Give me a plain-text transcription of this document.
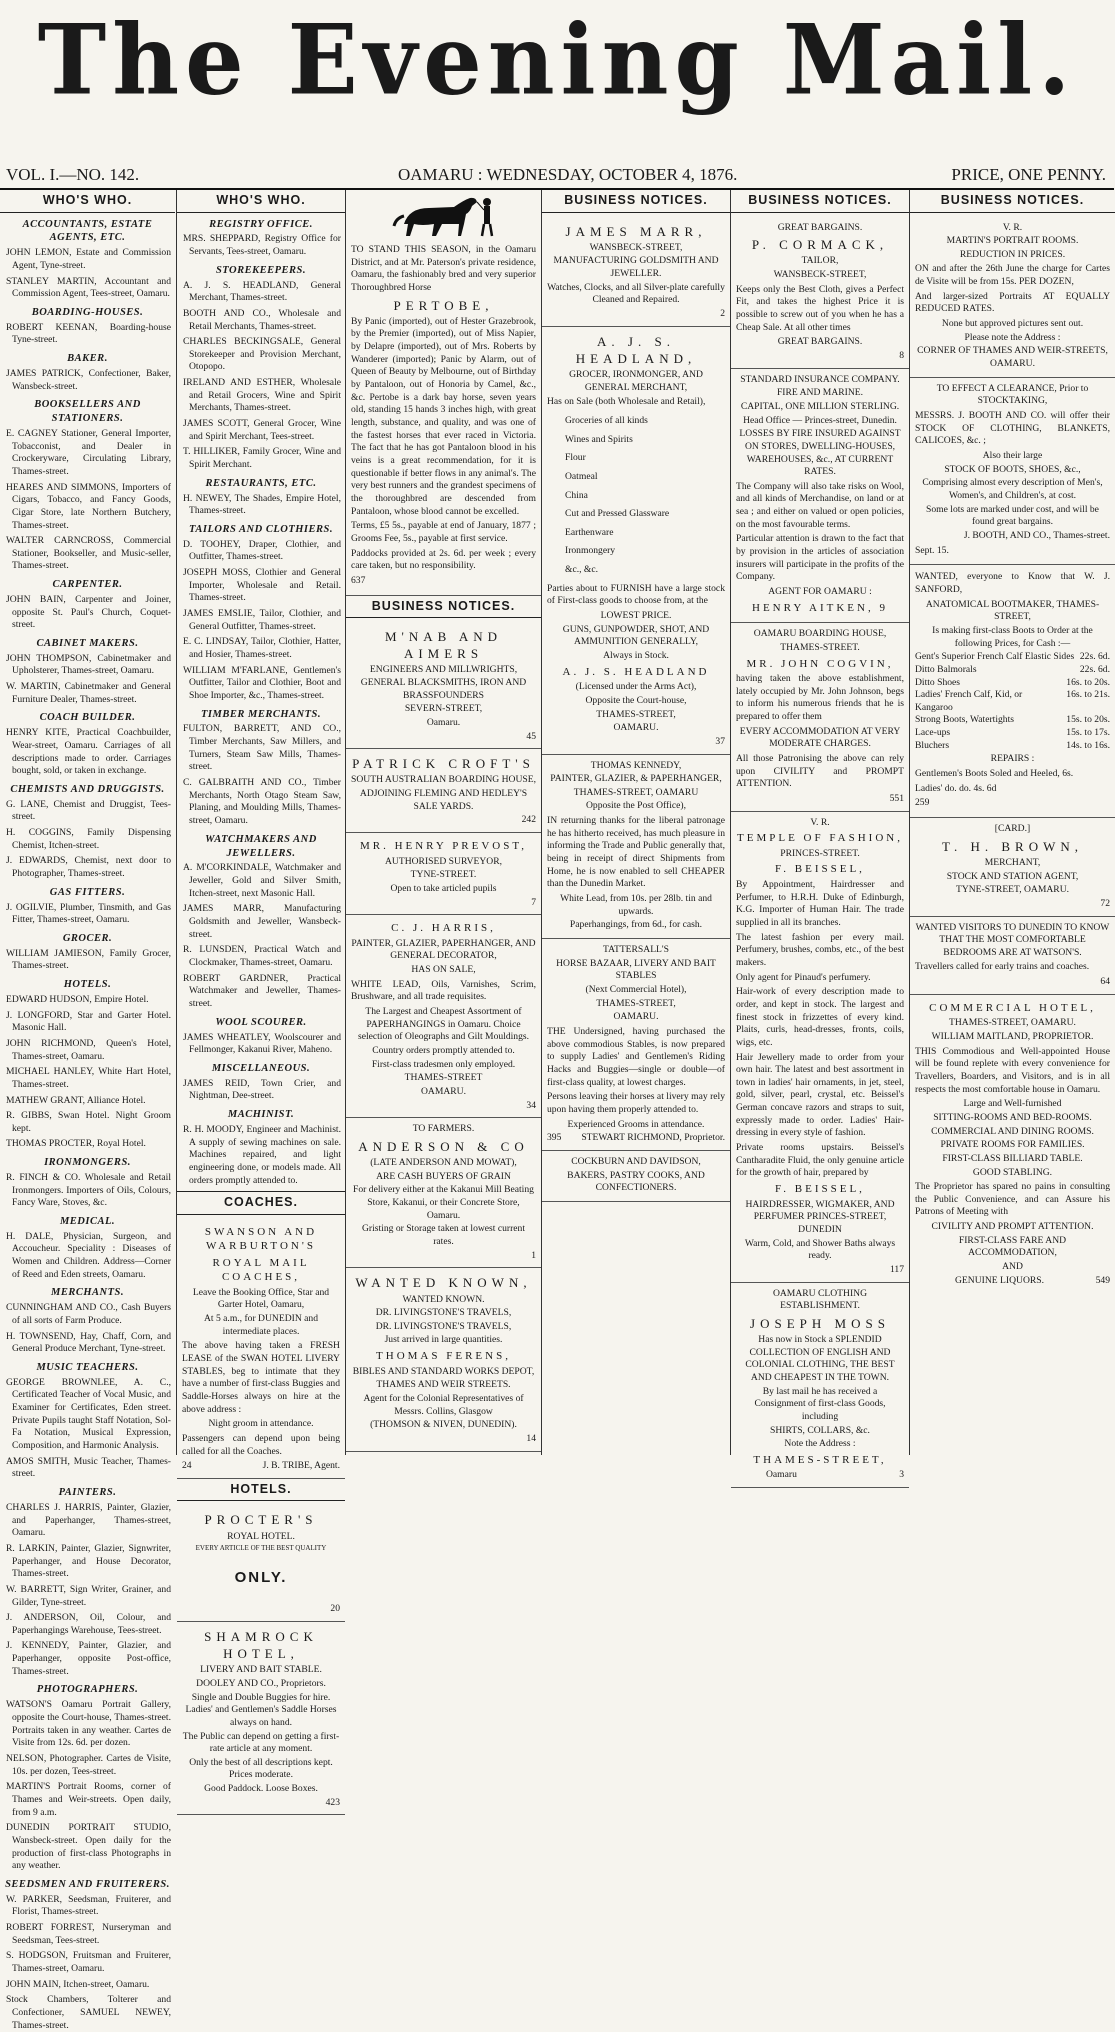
The Evening Mail.
VOL. I.—NO. 142.	OAMARU : WEDNESDAY, OCTOBER 4, 1876.	PRICE, ONE PENNY.
WHO'S WHO.
ACCOUNTANTS, ESTATE AGENTS, ETC.

JOHN LEMON, Estate and Commission Agent, Tyne-street.

STANLEY MARTIN, Accountant and Commission Agent, Tees-street, Oamaru.

BOARDING-HOUSES.

ROBERT KEENAN, Boarding-house Tyne-street.

BAKER.

JAMES PATRICK, Confectioner, Baker, Wansbeck-street.

BOOKSELLERS AND STATIONERS.

E. CAGNEY Stationer, General Importer, Tobacconist, and Dealer in Crockeryware, Circulating Library, Thames-street.

HEARES AND SIMMONS, Importers of Cigars, Tobacco, and Fancy Goods, Cigar Store, late Northern Butchery, Thames-street.

WALTER CARNCROSS, Commercial Stationer, Bookseller, and Music-seller, Thames-street.

CARPENTER.

JOHN BAIN, Carpenter and Joiner, opposite St. Paul's Church, Coquet-street.

CABINET MAKERS.

JOHN THOMPSON, Cabinetmaker and Upholsterer, Thames-street, Oamaru.

W. MARTIN, Cabinetmaker and General Furniture Dealer, Thames-street.

COACH BUILDER.

HENRY KITE, Practical Coachbuilder, Wear-street, Oamaru. Carriages of all descriptions made to order. Carriages bought, sold, or taken in exchange.

CHEMISTS AND DRUGGISTS.

G. LANE, Chemist and Druggist, Tees-street.

H. COGGINS, Family Dispensing Chemist, Itchen-street.

J. EDWARDS, Chemist, next door to Photographer, Thames-street.

GAS FITTERS.

J. OGILVIE, Plumber, Tinsmith, and Gas Fitter, Thames-street, Oamaru.

GROCER.

WILLIAM JAMIESON, Family Grocer, Thames-street.

HOTELS.

EDWARD HUDSON, Empire Hotel.

J. LONGFORD, Star and Garter Hotel. Masonic Hall.

JOHN RICHMOND, Queen's Hotel, Thames-street, Oamaru.

MICHAEL HANLEY, White Hart Hotel, Thames-street.

MATHEW GRANT, Alliance Hotel.

R. GIBBS, Swan Hotel. Night Groom kept.

THOMAS PROCTER, Royal Hotel.

IRONMONGERS.

R. FINCH & CO. Wholesale and Retail Ironmongers. Importers of Oils, Colours, Fancy Ware, Stoves, &c.

MEDICAL.

H. DALE, Physician, Surgeon, and Accoucheur. Speciality : Diseases of Women and Children. Address—Corner of Reed and Eden streets, Oamaru.

MERCHANTS.

CUNNINGHAM AND CO., Cash Buyers of all sorts of Farm Produce.

H. TOWNSEND, Hay, Chaff, Corn, and General Produce Merchant, Tyne-street.

MUSIC TEACHERS.

GEORGE BROWNLEE, A. C., Certificated Teacher of Vocal Music, and Examiner for Certificates, Eden street. Private Pupils taught Staff Notation, Sol-Fa Notation, Musical Expression, Composition, and Harmonic Analysis.

AMOS SMITH, Music Teacher, Thames-street.

PAINTERS.

CHARLES J. HARRIS, Painter, Glazier, and Paperhanger, Thames-street, Oamaru.

R. LARKIN, Painter, Glazier, Signwriter, Paperhanger, and House Decorator, Thames-street.

W. BARRETT, Sign Writer, Grainer, and Gilder, Tyne-street.

J. ANDERSON, Oil, Colour, and Paperhangings Warehouse, Tees-street.

J. KENNEDY, Painter, Glazier, and Paperhanger, opposite Post-office, Thames-street.

PHOTOGRAPHERS.

WATSON'S Oamaru Portrait Gallery, opposite the Court-house, Thames-street. Portraits taken in any weather. Cartes de Visite from 12s. 6d. per dozen.

NELSON, Photographer. Cartes de Visite, 10s. per dozen, Tees-street.

MARTIN'S Portrait Rooms, corner of Thames and Weir-streets. Open daily, from 9 a.m.

DUNEDIN PORTRAIT STUDIO, Wansbeck-street. Open daily for the production of first-class Photographs in any weather.

SEEDSMEN AND FRUITERERS.

W. PARKER, Seedsman, Fruiterer, and Florist, Thames-street.

ROBERT FORREST, Nurseryman and Seedsman, Tees-street.

S. HODGSON, Fruitsman and Fruiterer, Thames-street, Oamaru.

JOHN MAIN, Itchen-street, Oamaru.

Stock Chambers, Tolterer and Confectioner, SAMUEL NEWEY, Thames-street.

WHO'S WHO.
REGISTRY OFFICE.

MRS. SHEPPARD, Registry Office for Servants, Tees-street, Oamaru.

STOREKEEPERS.

A. J. S. HEADLAND, General Merchant, Thames-street.

BOOTH AND CO., Wholesale and Retail Merchants, Thames-street.

CHARLES BECKINGSALE, General Storekeeper and Provision Merchant, Otopopo.

IRELAND AND ESTHER, Wholesale and Retail Grocers, Wine and Spirit Merchants, Thames-street.

JAMES SCOTT, General Grocer, Wine and Spirit Merchant, Tees-street.

T. HILLIKER, Family Grocer, Wine and Spirit Merchant.

RESTAURANTS, ETC.

H. NEWEY, The Shades, Empire Hotel, Thames-street.

TAILORS AND CLOTHIERS.

D. TOOHEY, Draper, Clothier, and Outfitter, Thames-street.

JOSEPH MOSS, Clothier and General Importer, Wholesale and Retail. Thames-street.

JAMES EMSLIE, Tailor, Clothier, and General Outfitter, Thames-street.

E. C. LINDSAY, Tailor, Clothier, Hatter, and Hosier, Thames-street.

WILLIAM M'FARLANE, Gentlemen's Outfitter, Tailor and Clothier, Boot and Shoe Importer, &c., Thames-street.

TIMBER MERCHANTS.

FULTON, BARRETT, AND CO., Timber Merchants, Saw Millers, and Turners, Steam Saw Mills, Thames-street.

C. GALBRAITH AND CO., Timber Merchants, North Otago Steam Saw, Planing, and Moulding Mills, Thames-street, Oamaru.

WATCHMAKERS AND JEWELLERS.

A. M'CORKINDALE, Watchmaker and Jeweller, Gold and Silver Smith, Itchen-street, next Masonic Hall.

JAMES MARR, Manufacturing Goldsmith and Jeweller, Wansbeck-street.

R. LUNSDEN, Practical Watch and Clockmaker, Thames-street, Oamaru.

ROBERT GARDNER, Practical Watchmaker and Jeweller, Thames-street.

WOOL SCOURER.

JAMES WHEATLEY, Woolscourer and Fellmonger, Kakanui River, Maheno.

MISCELLANEOUS.

JAMES REID, Town Crier, and Nightman, Dee-street.

MACHINIST.

R. H. MOODY, Engineer and Machinist. A supply of sewing machines on sale. Machines repaired, and light engineering done, or models made. All orders promptly attended to.

COACHES.

SWANSON AND WARBURTON'S

ROYAL MAIL COACHES,

Leave the Booking Office, Star and Garter Hotel, Oamaru,

At 5 a.m., for DUNEDIN and intermediate places.

The above having taken a FRESH LEASE of the SWAN HOTEL LIVERY STABLES, beg to intimate that they have a number of first-class Buggies and Saddle-Horses always on hire at the above address :

Night groom in attendance.

Passengers can depend upon being called for all the Coaches.

24	J. B. TRIBE, Agent.

HOTELS.

PROCTER'S

ROYAL HOTEL.

EVERY ARTICLE OF THE BEST QUALITY

ONLY.

20

SHAMROCK HOTEL,

LIVERY AND BAIT STABLE.

DOOLEY AND CO., Proprietors.

Single and Double Buggies for hire. Ladies' and Gentlemen's Saddle Horses always on hand.

The Public can depend on getting a first-rate article at any moment.

Only the best of all descriptions kept. Prices moderate.

Good Paddock. Loose Boxes.

423

TO STAND THIS SEASON, in the Oamaru District, and at Mr. Paterson's private residence, Oamaru, the fashionably bred and very superior Thoroughbred Horse

PERTOBE,

By Panic (imported), out of Hester Grazebrook, by the Premier (imported), out of Miss Napier, by Delapre (imported), out of Mrs. Roberts by Wanderer (imported); Panic by Alarm, out of Queen of Beauty by Melbourne, out of Birthday by Pantaloon, out of Honoria by Camel, &c., &c. Pertobe is a dark bay horse, seven years old, standing 15 hands 3 inches high, with great length, substance, and quality, and was one of the fastest horses that ever raced in Victoria. The fact that he has got Pantaloon blood in his veins is a great recommendation, for it is questionable if better flows in any animal's. The very best runners and the grandest specimens of the thoroughbred are descended from Pantaloon, whose blood cannot be excelled.

Terms, £5 5s., payable at end of January, 1877 ; Grooms Fee, 5s., payable at first service.

Paddocks provided at 2s. 6d. per week ; every care taken, but no responsibility.

637

BUSINESS NOTICES.

M'NAB AND AIMERS

ENGINEERS AND MILLWRIGHTS, GENERAL BLACKSMITHS, IRON AND BRASSFOUNDERS

SEVERN-STREET,

Oamaru.

45

PATRICK CROFT'S

SOUTH AUSTRALIAN BOARDING HOUSE,

ADJOINING FLEMING AND HEDLEY'S SALE YARDS.

242

MR. HENRY PREVOST,

AUTHORISED SURVEYOR,

TYNE-STREET.

Open to take articled pupils

7

C. J. HARRIS,

PAINTER, GLAZIER, PAPERHANGER, AND GENERAL DECORATOR,

HAS ON SALE,

WHITE LEAD, Oils, Varnishes, Scrim, Brushware, and all trade requisites.

The Largest and Cheapest Assortment of PAPERHANGINGS in Oamaru. Choice selection of Oleographs and Gilt Mouldings.

Country orders promptly attended to.

First-class tradesmen only employed.

THAMES-STREET

OAMARU.

34

TO FARMERS.

ANDERSON & CO

(LATE ANDERSON AND MOWAT),

ARE CASH BUYERS OF GRAIN

For delivery either at the Kakanui Mill Beating Store, Kakanui, or their Concrete Store, Oamaru.

Gristing or Storage taken at lowest current rates.

1

WANTED KNOWN,

WANTED KNOWN.

DR. LIVINGSTONE'S TRAVELS,

DR. LIVINGSTONE'S TRAVELS,

Just arrived in large quantities.

THOMAS FERENS,

BIBLES AND STANDARD WORKS DEPOT,

THAMES AND WEIR STREETS.

Agent for the Colonial Representatives of Messrs. Collins, Glasgow

(THOMSON & NIVEN, DUNEDIN).

14

BUSINESS NOTICES.

JAMES MARR,

WANSBECK-STREET,

MANUFACTURING GOLDSMITH AND JEWELLER.

Watches, Clocks, and all Silver-plate carefully Cleaned and Repaired.

2

A. J. S. HEADLAND,

GROCER, IRONMONGER, AND GENERAL MERCHANT,

Has on Sale (both Wholesale and Retail),

Groceries of all kinds

Wines and Spirits

Flour

Oatmeal

China

Cut and Pressed Glassware

Earthenware

Ironmongery

&c., &c.

Parties about to FURNISH have a large stock of First-class goods to choose from, at the

LOWEST PRICE.

GUNS, GUNPOWDER, SHOT, AND AMMUNITION GENERALLY,

Always in Stock.

A. J. S. HEADLAND

(Licensed under the Arms Act),

Opposite the Court-house,

THAMES-STREET,

OAMARU.

37

THOMAS KENNEDY,

PAINTER, GLAZIER, & PAPERHANGER,

THAMES-STREET, OAMARU

Opposite the Post Office),

IN returning thanks for the liberal patronage he has hitherto received, has much pleasure in informing the Trade and Public generally that, being in receipt of direct Shipments from Home, he is now enabled to sell CHEAPER than the Dunedin Market.

White Lead, from 10s. per 28lb. tin and upwards.

Paperhangings, from 6d., for cash.

TATTERSALL'S

HORSE BAZAAR, LIVERY AND BAIT STABLES

(Next Commercial Hotel),

THAMES-STREET,

OAMARU.

THE Undersigned, having purchased the above commodious Stables, is now prepared to supply Ladies' and Gentlemen's Riding Hacks and Buggies—single or double—of first-class quality, at lowest charges.

Persons leaving their horses at livery may rely upon having them properly attended to.

Experienced Grooms in attendance.

395 STEWART RICHMOND, Proprietor.

COCKBURN AND DAVIDSON,

BAKERS, PASTRY COOKS, AND CONFECTIONERS.

BUSINESS NOTICES.

GREAT BARGAINS.

P. CORMACK,

TAILOR,

WANSBECK-STREET,

Keeps only the Best Cloth, gives a Perfect Fit, and takes the highest Price it is possible to screw out of you when he has a Cheap Sale. At all other times

GREAT BARGAINS.

8

STANDARD INSURANCE COMPANY.

FIRE AND MARINE.

CAPITAL, ONE MILLION STERLING.

Head Office — Princes-street, Dunedin.

LOSSES BY FIRE INSURED AGAINST ON STORES, DWELLING-HOUSES, WAREHOUSES, &c., AT CURRENT RATES.

The Company will also take risks on Wool, and all kinds of Merchandise, on land or at sea ; and either on valued or open policies, on the most favourable terms.

Particular attention is drawn to the fact that by provision in the articles of association insurers will participate in the profits of the Company.

AGENT FOR OAMARU :

HENRY AITKEN, 9

OAMARU BOARDING HOUSE,

THAMES-STREET.

MR. JOHN COGVIN,

having taken the above establishment, lately occupied by Mr. John Johnson, begs to inform his numerous friends that he is prepared to offer them

EVERY ACCOMMODATION AT VERY MODERATE CHARGES.

All those Patronising the above can rely upon CIVILITY and PROMPT ATTENTION.

551

V. R.

TEMPLE OF FASHION,

PRINCES-STREET.

F. BEISSEL,

By Appointment, Hairdresser and Perfumer, to H.R.H. Duke of Edinburgh, K.G. Importer of Human Hair. The trade supplied in all its branches.

The latest fashion per every mail. Perfumery, brushes, combs, etc., of the best makers.

Only agent for Pinaud's perfumery.

Hair-work of every description made to order, and kept in stock. The largest and finest stock in frizzettes of every kind. Plaits, curls, head-dresses, fronts, coils, wigs, etc.

Hair Jewellery made to order from your own hair. The latest and best assortment in town in ladies' hair ornaments, in jet, steel, gold, silver, pearl, crystal, etc. Beissel's German concave razors and straps to suit, expressly made to order. Ladies' Hair-dressing in every style of fashion.

Private rooms upstairs. Beissel's Cantharadite Fluid, the only genuine article for the growth of hair, prepared by

F. BEISSEL,

HAIRDRESSER, WIGMAKER, AND PERFUMER PRINCES-STREET, DUNEDIN

Warm, Cold, and Shower Baths always ready.

117

OAMARU CLOTHING ESTABLISHMENT.

JOSEPH MOSS

Has now in Stock a SPLENDID COLLECTION OF ENGLISH AND COLONIAL CLOTHING, THE BEST AND CHEAPEST IN THE TOWN.

By last mail he has received a Consignment of first-class Goods, including

SHIRTS, COLLARS, &c.

Note the Address :

THAMES-STREET,

Oamaru	3

BUSINESS NOTICES.

V. R.

MARTIN'S PORTRAIT ROOMS.

REDUCTION IN PRICES.

ON and after the 26th June the charge for Cartes de Visite will be from 15s. PER DOZEN,

And larger-sized Portraits AT EQUALLY REDUCED RATES.

None but approved pictures sent out.

Please note the Address :

CORNER OF THAMES AND WEIR-STREETS, OAMARU.

TO EFFECT A CLEARANCE, Prior to STOCKTAKING,

MESSRS. J. BOOTH AND CO. will offer their STOCK OF CLOTHING, BLANKETS, CALICOES, &c. ;

Also their large

STOCK OF BOOTS, SHOES, &c.,

Comprising almost every description of Men's, Women's, and Children's, at cost.

Some lots are marked under cost, and will be found great bargains.

J. BOOTH, AND CO., Thames-street.

Sept. 15.

WANTED, everyone to Know that W. J. SANFORD,

ANATOMICAL BOOTMAKER, THAMES-STREET,

Is making first-class Boots to Order at the following Prices, for Cash :—

Gent's Superior French Calf Elastic Sides 22s. 6d.
Ditto Balmorals	22s. 6d.
Ditto Shoes	16s. to 20s.
Ladies' French Calf, Kid, or Kangaroo
16s. to 21s.
Strong Boots, Watertights	15s. to 20s.
Lace-ups	15s. to 17s.
Bluchers	14s. to 16s.

REPAIRS :

Gentlemen's Boots Soled and Heeled, 6s.

Ladies' do. do. 4s. 6d

259

[CARD.]

T. H. BROWN,

MERCHANT,

STOCK AND STATION AGENT,

TYNE-STREET, OAMARU.

72

WANTED VISITORS TO DUNEDIN TO KNOW THAT THE MOST COMFORTABLE BEDROOMS ARE AT WATSON'S.

Travellers called for early trains and coaches.

64

COMMERCIAL HOTEL,

THAMES-STREET, OAMARU.

WILLIAM MAITLAND, PROPRIETOR.

THIS Commodious and Well-appointed House will be found replete with every convenience for Travellers, Boarders, and Visitors, and is in all respects the most comfortable house in Oamaru.

Large and Well-furnished

SITTING-ROOMS AND BED-ROOMS.

COMMERCIAL AND DINING ROOMS.

PRIVATE ROOMS FOR FAMILIES.

FIRST-CLASS BILLIARD TABLE.

GOOD STABLING.

The Proprietor has spared no pains in consulting the Public Convenience, and can Assure his Patrons of Meeting with

CIVILITY AND PROMPT ATTENTION.

FIRST-CLASS FARE AND ACCOMMODATION,

AND

GENUINE LIQUORS.	549
